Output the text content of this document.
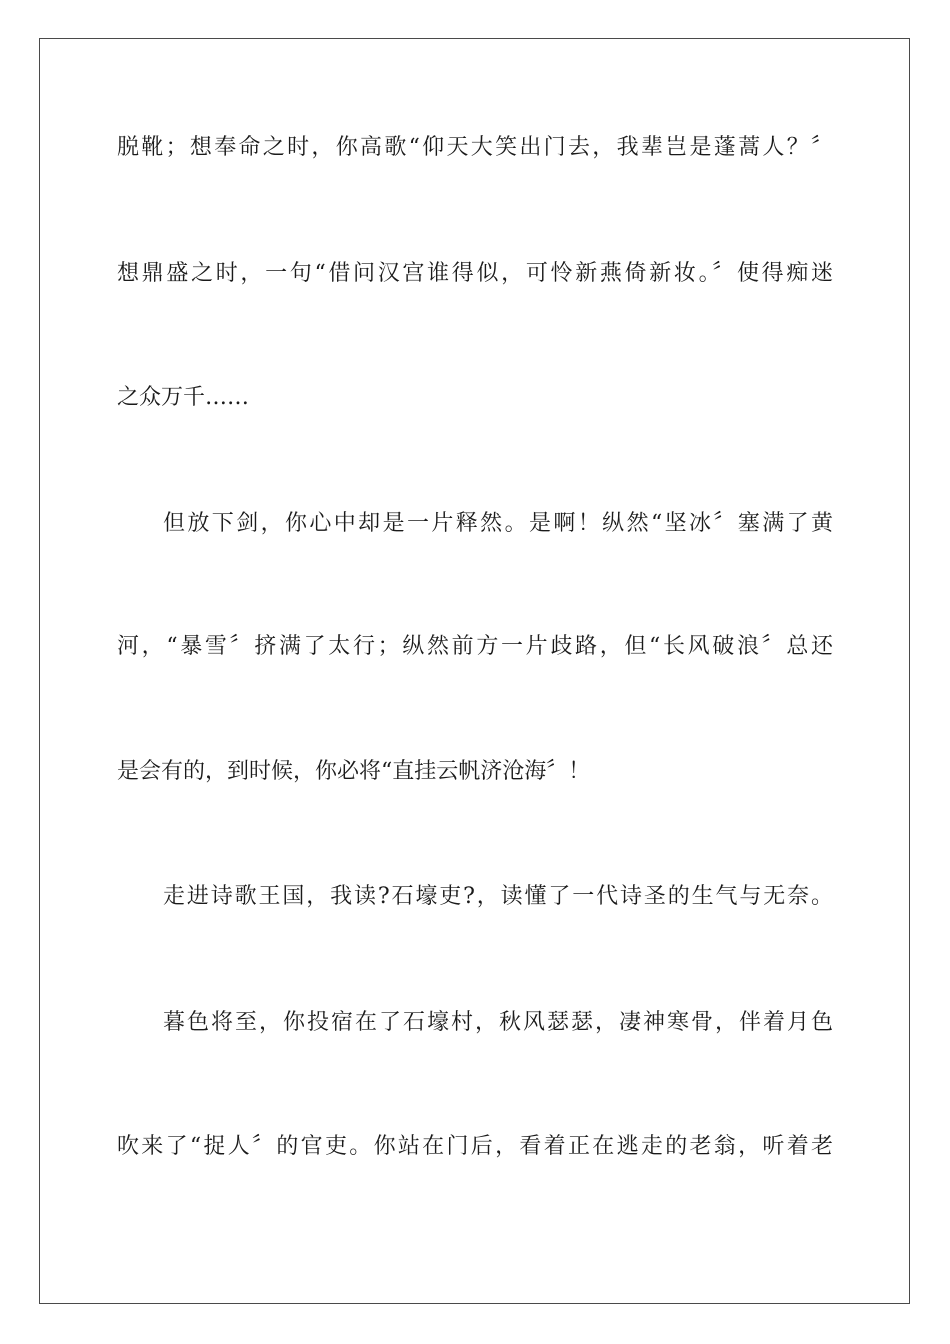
脱靴；想奉命之时，你高歌“仰天大笑出门去，我辈岂是蓬蒿人？〞
想鼎盛之时，一句“借问汉宫谁得似，可怜新燕倚新妆。〞使得痴迷
之众万千……
但放下剑，你心中却是一片释然。是啊！纵然“坚冰〞塞满了黄
河，“暴雪〞挤满了太行；纵然前方一片歧路，但“长风破浪〞总还
是会有的，到时候，你必将“直挂云帆济沧海〞！
走进诗歌王国，我读?石壕吏?，读懂了一代诗圣的生气与无奈。
暮色将至，你投宿在了石壕村，秋风瑟瑟，凄神寒骨，伴着月色
吹来了“捉人〞的官吏。你站在门后，看着正在逃走的老翁，听着老
